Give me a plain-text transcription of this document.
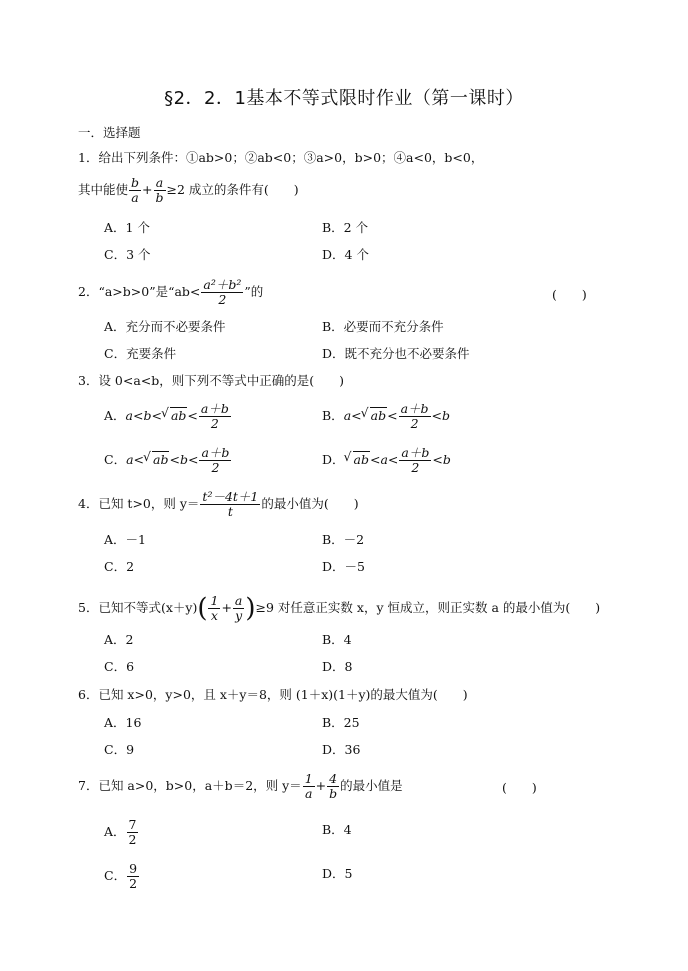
§2．2．1基本不等式限时作业（第一课时）
一．选择题
1．给出下列条件：①ab>0；②ab<0；③a>0，b>0；④a<0，b<0，
其中能使 $\frac{b}{a} + \frac{a}{b} \ge 2$ 成立的条件有(　　)
A．1 个	B．2 个
C．3 个	D．4 个
2．“a>b>0”是“$ab< \frac{\text{a²＋b²}}{2}$ ”的	(　　)
A．充分而不必要条件	B．必要而不充分条件
C．充要条件	D．既不充分也不必要条件
3．设 0<a<b，则下列不等式中正确的是(　　)
A．a<b< √ $ab< \frac{a+b}{2}$	B．a< √ $ab< \frac{a+b}{2} <b$
C．a< √ $ab<b< \frac{a+b}{2}$	D． √ $ab<a< \frac{a+b}{2} <b$
4．已知 t>0，则 $y= \frac{\text{t²－4t＋1}}{t}$ 的最小值为(　　)
A．－1	B．－2
C．2	D．－5
5．已知不等式$(x+y)( \frac{1}{x} + \frac{a}{y} )\ge 9$ 对任意正实数 x，y 恒成立，则正实数 a 的最小值为(　　)
A．2	B．4
C．6	D．8
6．已知 x>0，y>0，且 x＋y＝8，则 (1＋x)(1＋y)的最大值为(　　)
A．16	B．25
C．9	D．36
7．已知 a>0，b>0，a＋b＝2，则 $y= \frac{1}{a} + \frac{4}{b}$ 的最小值是	(　　)
A． $\frac{7}{2}$	B．4
C． $\frac{9}{2}$	D．5
